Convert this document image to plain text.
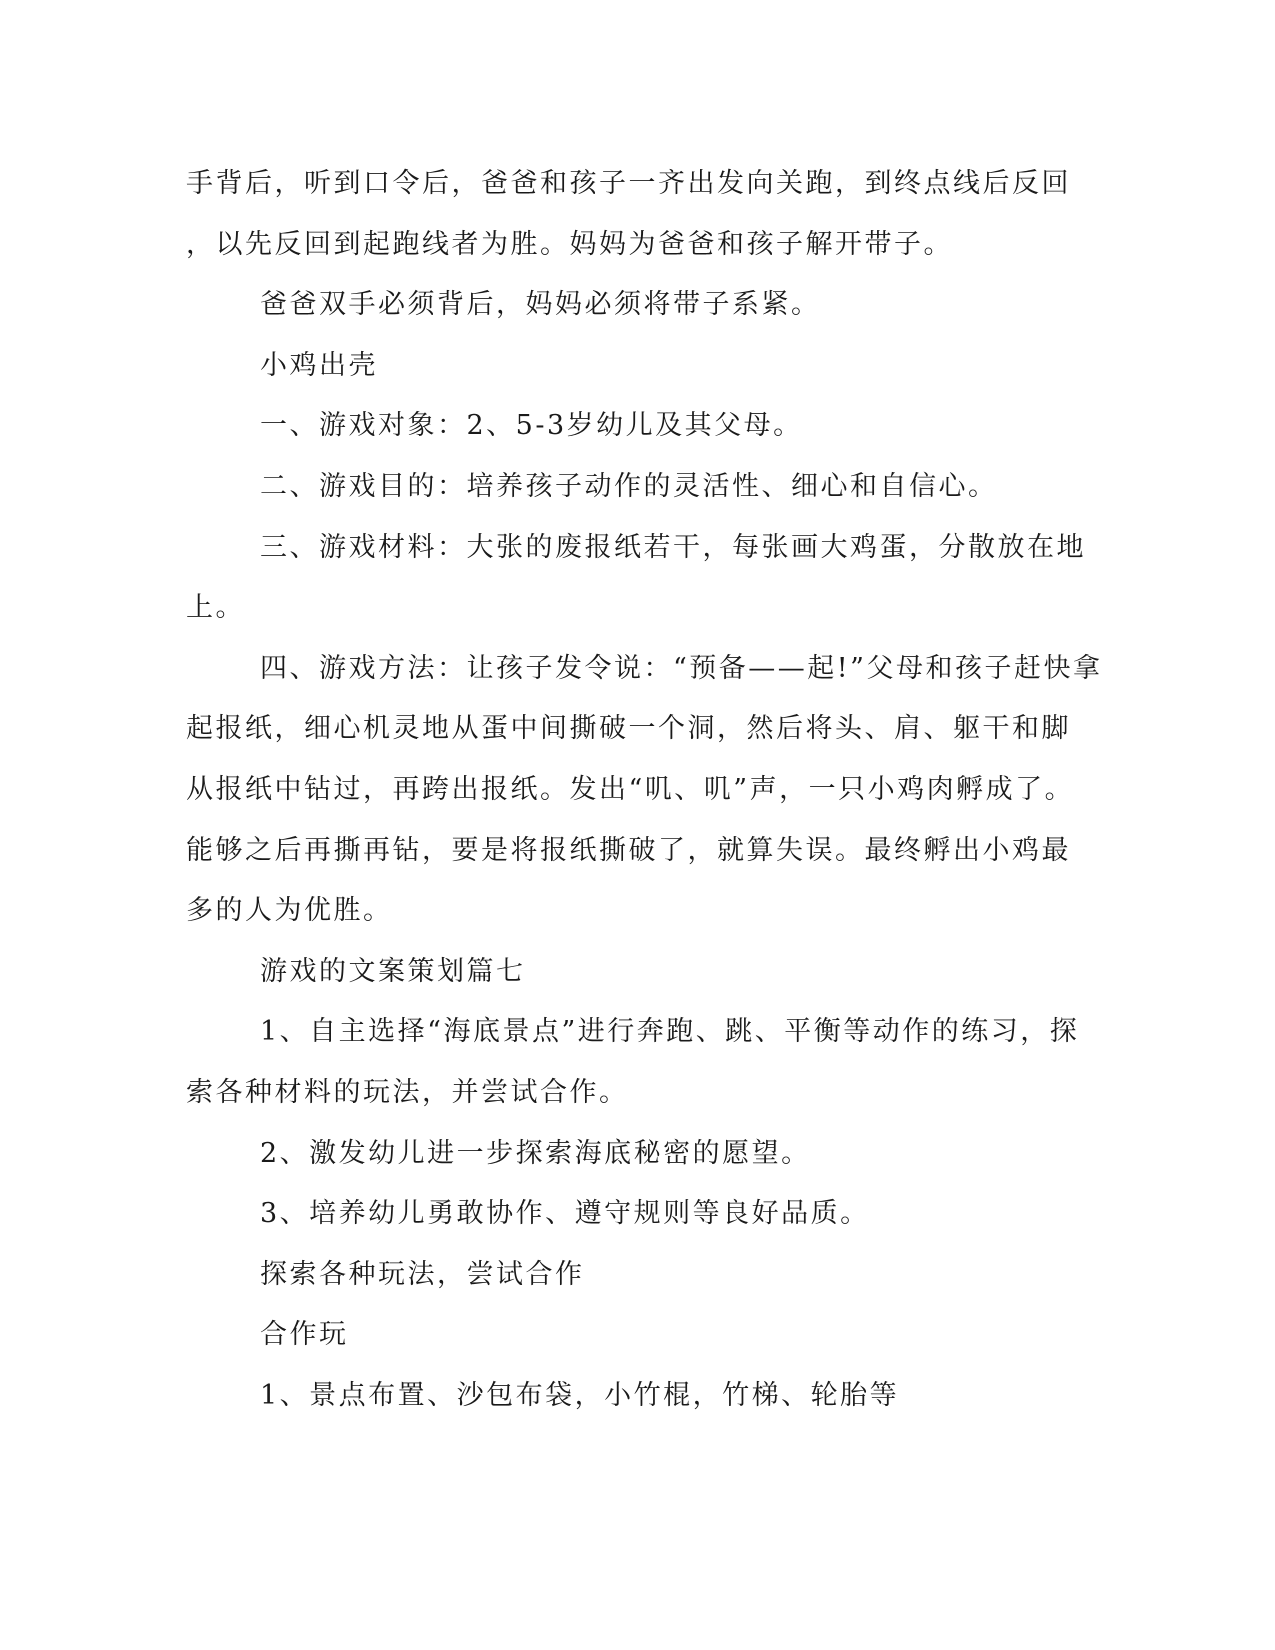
手背后，听到口令后，爸爸和孩子一齐出发向关跑，到终点线后反回
，以先反回到起跑线者为胜。妈妈为爸爸和孩子解开带子。
爸爸双手必须背后，妈妈必须将带子系紧。
小鸡出壳
一、游戏对象：2、5-3岁幼儿及其父母。
二、游戏目的：培养孩子动作的灵活性、细心和自信心。
三、游戏材料：大张的废报纸若干，每张画大鸡蛋，分散放在地
上。
四、游戏方法：让孩子发令说：“预备——起!”父母和孩子赶快拿
起报纸，细心机灵地从蛋中间撕破一个洞，然后将头、肩、躯干和脚
从报纸中钻过，再跨出报纸。发出“叽、叽”声，一只小鸡肉孵成了。
能够之后再撕再钻，要是将报纸撕破了，就算失误。最终孵出小鸡最
多的人为优胜。
游戏的文案策划篇七
1、自主选择“海底景点”进行奔跑、跳、平衡等动作的练习，探
索各种材料的玩法，并尝试合作。
2、激发幼儿进一步探索海底秘密的愿望。
3、培养幼儿勇敢协作、遵守规则等良好品质。
探索各种玩法，尝试合作
合作玩
1、景点布置、沙包布袋，小竹棍，竹梯、轮胎等
